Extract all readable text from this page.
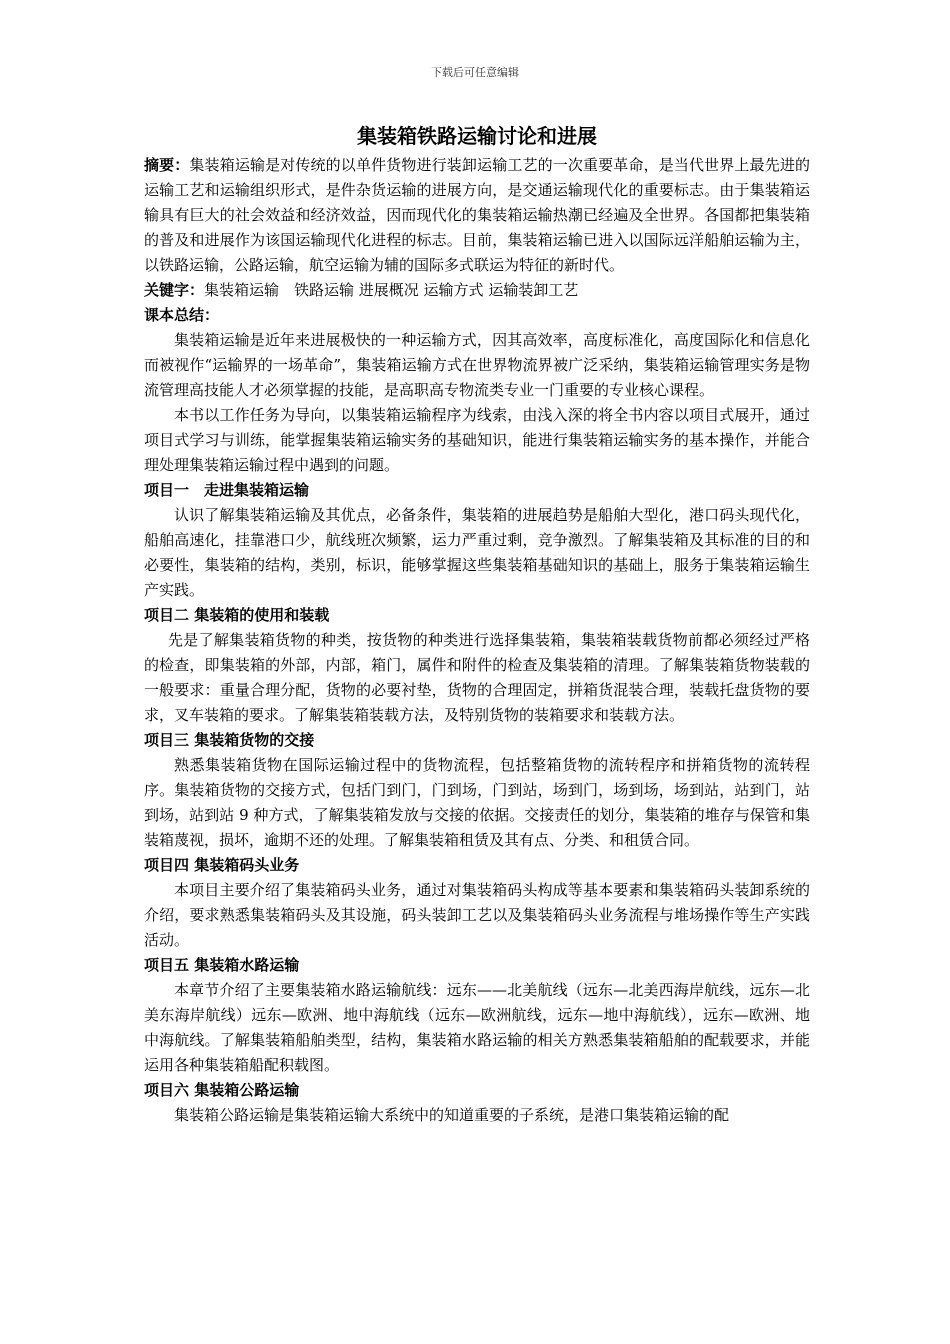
下载后可任意编辑
集装箱铁路运输讨论和进展

摘要：集装箱运输是对传统的以单件货物进行装卸运输工艺的一次重要革命，是当代世界上最先进的运输工艺和运输组织形式，是件杂货运输的进展方向，是交通运输现代化的重要标志。由于集装箱运输具有巨大的社会效益和经济效益，因而现代化的集装箱运输热潮已经遍及全世界。各国都把集装箱的普及和进展作为该国运输现代化进程的标志。目前，集装箱运输已进入以国际远洋船舶运输为主，以铁路运输，公路运输，航空运输为辅的国际多式联运为特征的新时代。

关键字：集装箱运输　铁路运输 进展概况 运输方式 运输装卸工艺

课本总结：

集装箱运输是近年来进展极快的一种运输方式，因其高效率，高度标准化，高度国际化和信息化而被视作“运输界的一场革命”，集装箱运输方式在世界物流界被广泛采纳，集装箱运输管理实务是物流管理高技能人才必须掌握的技能，是高职高专物流类专业一门重要的专业核心课程。

本书以工作任务为导向，以集装箱运输程序为线索，由浅入深的将全书内容以项目式展开，通过项目式学习与训练，能掌握集装箱运输实务的基础知识，能进行集装箱运输实务的基本操作，并能合理处理集装箱运输过程中遇到的问题。

项目一　走进集装箱运输

认识了解集装箱运输及其优点，必备条件，集装箱的进展趋势是船舶大型化，港口码头现代化，船舶高速化，挂靠港口少，航线班次频繁，运力严重过剩，竞争激烈。了解集装箱及其标准的目的和必要性，集装箱的结构，类别，标识，能够掌握这些集装箱基础知识的基础上，服务于集装箱运输生产实践。

项目二 集装箱的使用和装载

先是了解集装箱货物的种类，按货物的种类进行选择集装箱，集装箱装载货物前都必须经过严格的检查，即集装箱的外部，内部，箱门，属件和附件的检查及集装箱的清理。了解集装箱货物装载的一般要求：重量合理分配，货物的必要衬垫，货物的合理固定，拼箱货混装合理，装载托盘货物的要求，叉车装箱的要求。了解集装箱装载方法，及特别货物的装箱要求和装载方法。

项目三 集装箱货物的交接

熟悉集装箱货物在国际运输过程中的货物流程，包括整箱货物的流转程序和拼箱货物的流转程序。集装箱货物的交接方式，包括门到门，门到场，门到站，场到门，场到场，场到站，站到门，站到场，站到站 9 种方式，了解集装箱发放与交接的依据。交接责任的划分，集装箱的堆存与保管和集装箱蔑视，损坏，逾期不还的处理。了解集装箱租赁及其有点、分类、和租赁合同。

项目四 集装箱码头业务

本项目主要介绍了集装箱码头业务，通过对集装箱码头构成等基本要素和集装箱码头装卸系统的介绍，要求熟悉集装箱码头及其设施，码头装卸工艺以及集装箱码头业务流程与堆场操作等生产实践活动。

项目五 集装箱水路运输

本章节介绍了主要集装箱水路运输航线：远东——北美航线（远东—北美西海岸航线，远东—北美东海岸航线）远东—欧洲、地中海航线（远东—欧洲航线，远东—地中海航线），远东—欧洲、地中海航线。了解集装箱船舶类型，结构，集装箱水路运输的相关方熟悉集装箱船舶的配载要求，并能运用各种集装箱船配积载图。

项目六 集装箱公路运输

集装箱公路运输是集装箱运输大系统中的知道重要的子系统，是港口集装箱运输的配
